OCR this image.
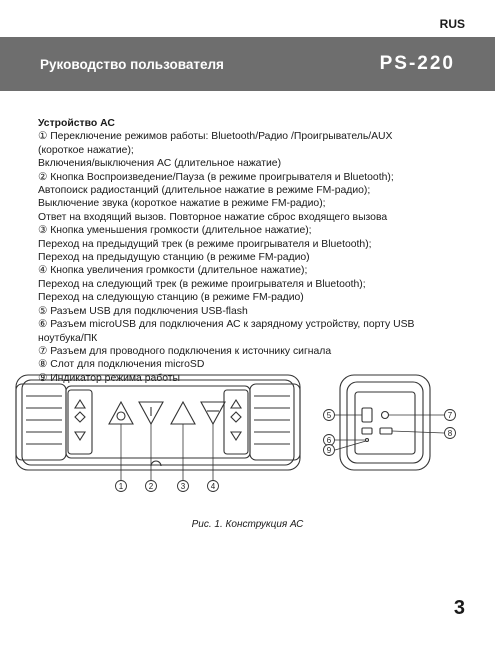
RUS
Руководство пользователя	PS-220

Устройство АС

① Переключение режимов работы: Bluetooth/Радио /Проигрыватель/AUX

(короткое нажатие);

Включения/выключения АС (длительное нажатие)

② Кнопка Воспроизведение/Пауза (в режиме проигрывателя и Bluetooth);

Автопоиск радиостанций (длительное нажатие в режиме FM-радио);

Выключение звука (короткое нажатие в режиме FM-радио);

Ответ на входящий вызов. Повторное нажатие сброс входящего вызова

③ Кнопка уменьшения громкости (длительное нажатие);

Переход на предыдущий трек (в режиме проигрывателя и Bluetooth);

Переход на предыдущую станцию (в режиме FM-радио)

④ Кнопка увеличения громкости (длительное нажатие);

Переход на следующий трек (в режиме проигрывателя и Bluetooth);

Переход на следующую станцию (в режиме FM-радио)

⑤ Разъем USB для подключения USB-flash

⑥ Разъем microUSB для подключения АС к зарядному устройству, порту USB

ноутбука/ПК

⑦ Разъем для проводного подключения к источнику сигнала

⑧ Слот для подключения microSD

⑨ Индикатор режима работы

1	2	3	4
5
6
9
7
8
Рис. 1. Конструкция АС
3
